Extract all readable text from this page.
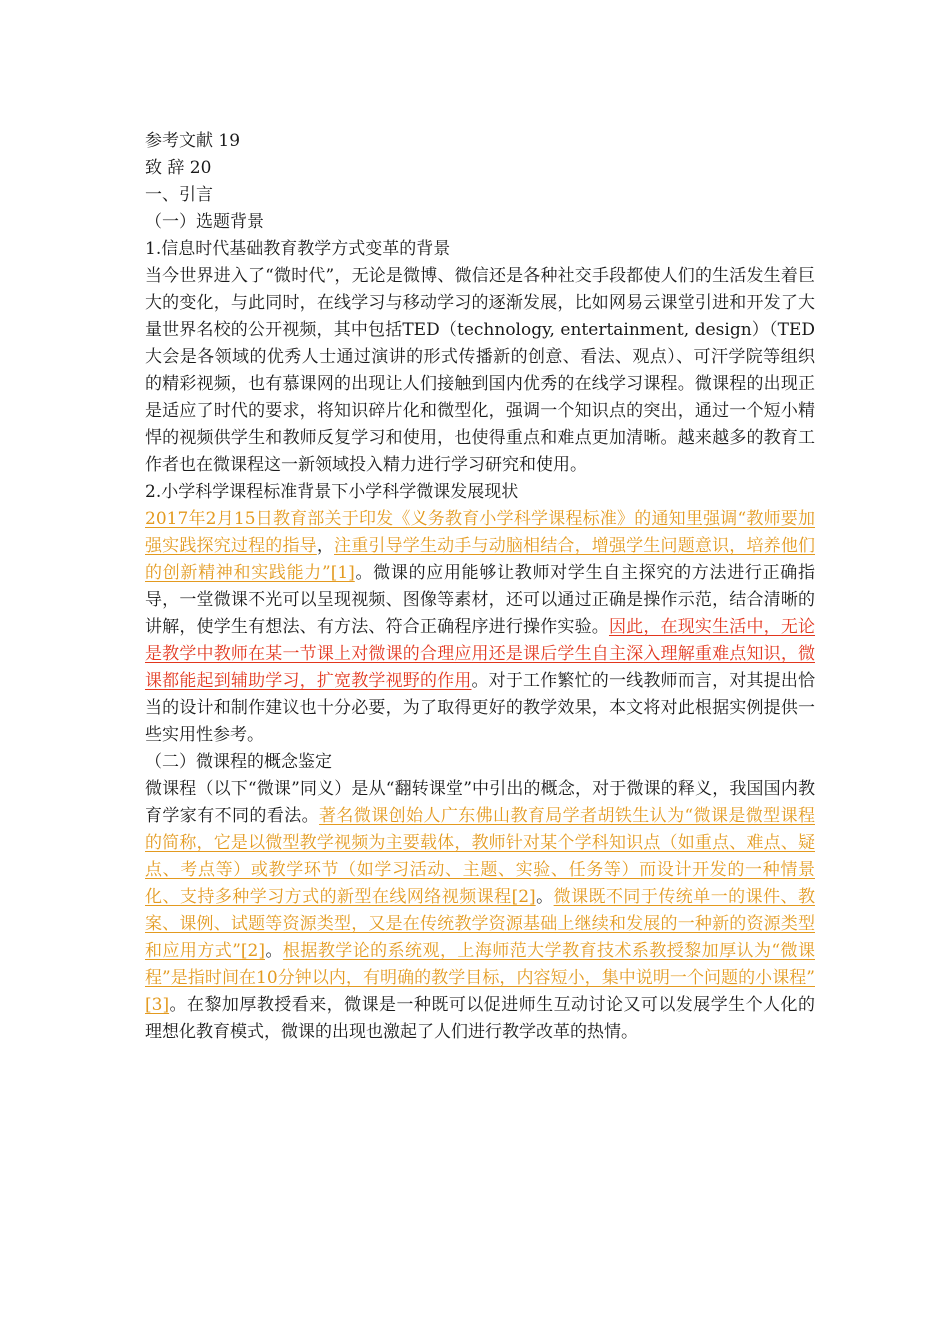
参考文献 19
致 辞 20
一、引言
（一）选题背景
1.信息时代基础教育教学方式变革的背景
当今世界进入了“微时代”，无论是微博、微信还是各种社交手段都使人们的生活发生着巨大的变化，与此同时，在线学习与移动学习的逐渐发展，比如网易云课堂引进和开发了大量世界名校的公开视频，其中包括TED（technology, entertainment, design）（TED大会是各领域的优秀人士通过演讲的形式传播新的创意、看法、观点）、可汗学院等组织的精彩视频，也有慕课网的出现让人们接触到国内优秀的在线学习课程。微课程的出现正是适应了时代的要求，将知识碎片化和微型化，强调一个知识点的突出，通过一个短小精悍的视频供学生和教师反复学习和使用，也使得重点和难点更加清晰。越来越多的教育工作者也在微课程这一新领域投入精力进行学习研究和使用。
2.小学科学课程标准背景下小学科学微课发展现状
2017年2月15日教育部关于印发《义务教育小学科学课程标准》的通知里强调“教师要加强实践探究过程的指导，注重引导学生动手与动脑相结合，增强学生问题意识，培养他们的创新精神和实践能力”[1]。微课的应用能够让教师对学生自主探究的方法进行正确指导，一堂微课不光可以呈现视频、图像等素材，还可以通过正确是操作示范，结合清晰的讲解，使学生有想法、有方法、符合正确程序进行操作实验。因此，在现实生活中，无论是教学中教师在某一节课上对微课的合理应用还是课后学生自主深入理解重难点知识，微课都能起到辅助学习，扩宽教学视野的作用。对于工作繁忙的一线教师而言，对其提出恰当的设计和制作建议也十分必要，为了取得更好的教学效果，本文将对此根据实例提供一些实用性参考。
（二）微课程的概念鉴定
微课程（以下“微课”同义）是从“翻转课堂”中引出的概念，对于微课的释义，我国国内教育学家有不同的看法。著名微课创始人广东佛山教育局学者胡铁生认为“微课是微型课程的简称，它是以微型教学视频为主要载体，教师针对某个学科知识点（如重点、难点、疑点、考点等）或教学环节（如学习活动、主题、实验、任务等）而设计开发的一种情景化、支持多种学习方式的新型在线网络视频课程[2]。微课既不同于传统单一的课件、教案、课例、试题等资源类型，又是在传统教学资源基础上继续和发展的一种新的资源类型和应用方式”[2]。根据教学论的系统观，上海师范大学教育技术系教授黎加厚认为“微课程”是指时间在10分钟以内，有明确的教学目标，内容短小，集中说明一个问题的小课程” [3]。在黎加厚教授看来，微课是一种既可以促进师生互动讨论又可以发展学生个人化的理想化教育模式，微课的出现也激起了人们进行教学改革的热情。
